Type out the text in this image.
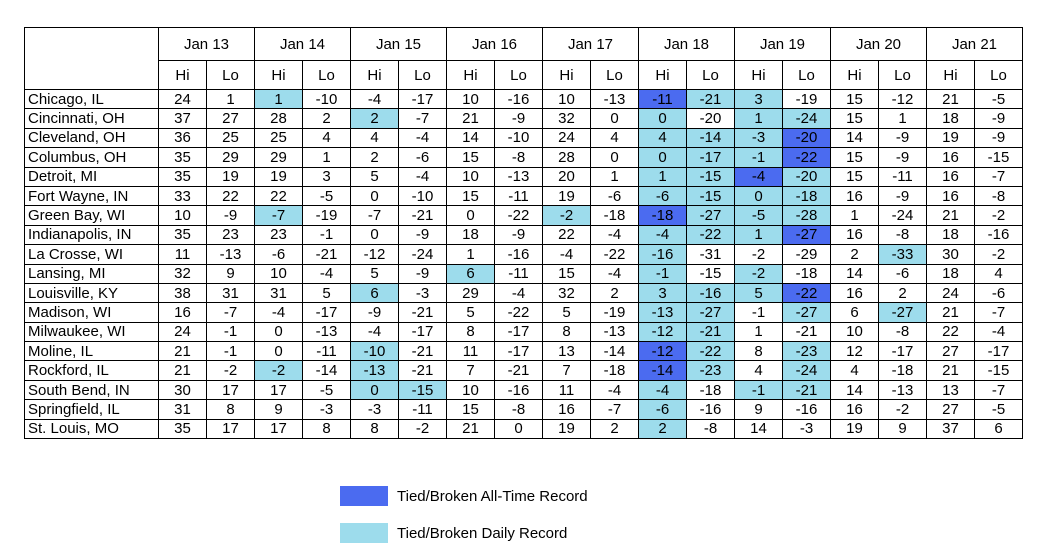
	Jan 13		Jan 14		Jan 15		Jan 16		Jan 17		Jan 18		Jan 19		Jan 20		Jan 21	
	Hi	Lo	Hi	Lo	Hi	Lo	Hi	Lo	Hi	Lo	Hi	Lo	Hi	Lo	Hi	Lo	Hi	Lo
Chicago, IL	24	1	1	-10	-4	-17	10	-16	10	-13	-11	-21	3	-19	15	-12	21	-5
Cincinnati, OH	37	27	28	2	2	-7	21	-9	32	0	0	-20	1	-24	15	1	18	-9
Cleveland, OH	36	25	25	4	4	-4	14	-10	24	4	4	-14	-3	-20	14	-9	19	-9
Columbus, OH	35	29	29	1	2	-6	15	-8	28	0	0	-17	-1	-22	15	-9	16	-15
Detroit, MI	35	19	19	3	5	-4	10	-13	20	1	1	-15	-4	-20	15	-11	16	-7
Fort Wayne, IN	33	22	22	-5	0	-10	15	-11	19	-6	-6	-15	0	-18	16	-9	16	-8
Green Bay, WI	10	-9	-7	-19	-7	-21	0	-22	-2	-18	-18	-27	-5	-28	1	-24	21	-2
Indianapolis, IN	35	23	23	-1	0	-9	18	-9	22	-4	-4	-22	1	-27	16	-8	18	-16
La Crosse, WI	11	-13	-6	-21	-12	-24	1	-16	-4	-22	-16	-31	-2	-29	2	-33	30	-2
Lansing, MI	32	9	10	-4	5	-9	6	-11	15	-4	-1	-15	-2	-18	14	-6	18	4
Louisville, KY	38	31	31	5	6	-3	29	-4	32	2	3	-16	5	-22	16	2	24	-6
Madison, WI	16	-7	-4	-17	-9	-21	5	-22	5	-19	-13	-27	-1	-27	6	-27	21	-7
Milwaukee, WI	24	-1	0	-13	-4	-17	8	-17	8	-13	-12	-21	1	-21	10	-8	22	-4
Moline, IL	21	-1	0	-11	-10	-21	11	-17	13	-14	-12	-22	8	-23	12	-17	27	-17
Rockford, IL	21	-2	-2	-14	-13	-21	7	-21	7	-18	-14	-23	4	-24	4	-18	21	-15
South Bend, IN	30	17	17	-5	0	-15	10	-16	11	-4	-4	-18	-1	-21	14	-13	13	-7
Springfield, IL	31	8	9	-3	-3	-11	15	-8	16	-7	-6	-16	9	-16	16	-2	27	-5
St. Louis, MO	35	17	17	8	8	-2	21	0	19	2	2	-8	14	-3	19	9	37	6
Tied/Broken All-Time Record
Tied/Broken Daily Record
